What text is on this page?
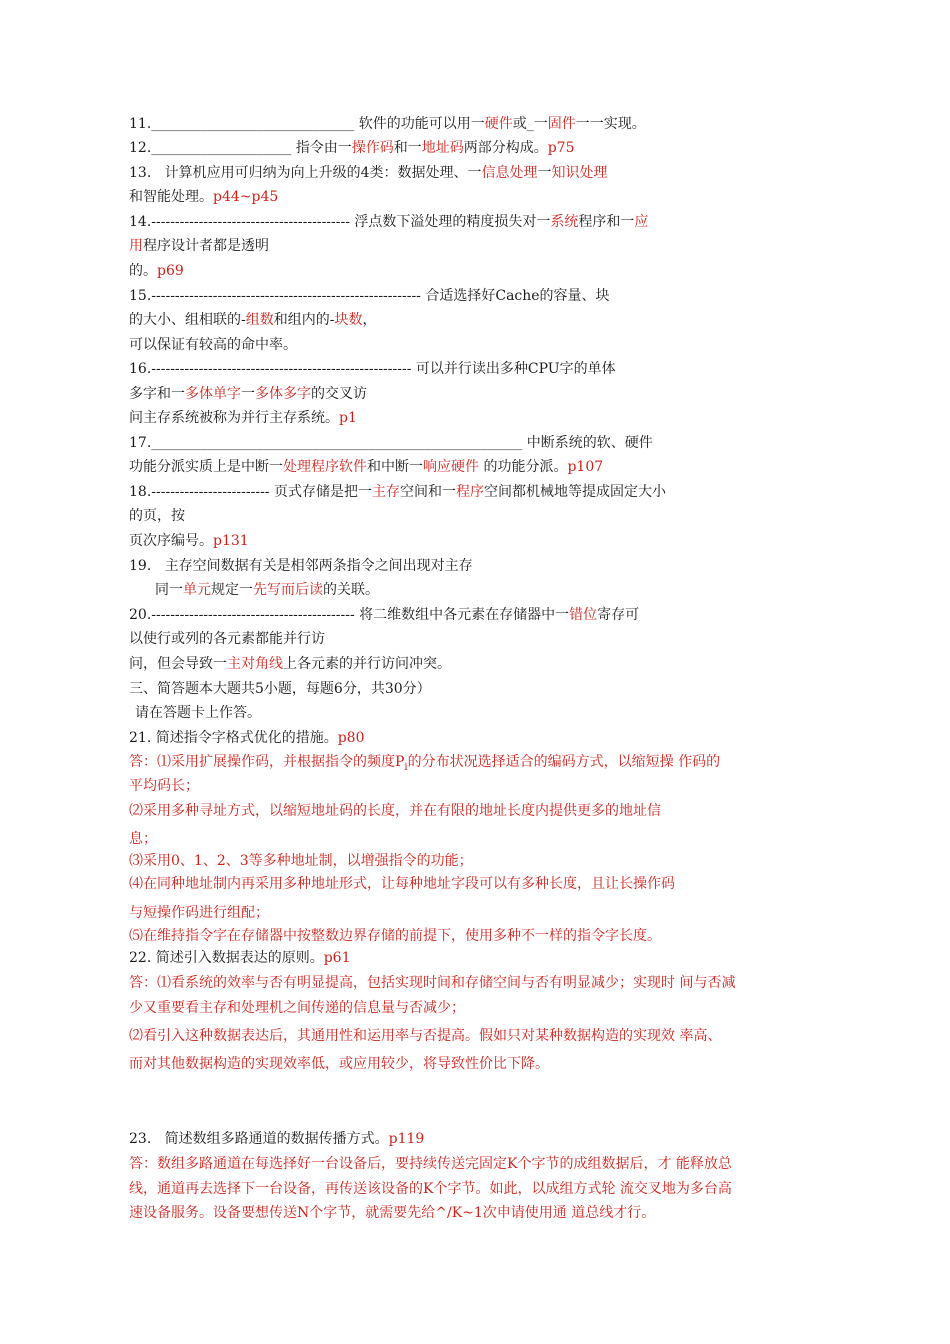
11._____________________________ 软件的功能可以用一硬件或_一固件一一实现。
12.____________________ 指令由一操作码和一地址码两部分构成。p75
13. 计算机应用可归纳为向上升级的4类：数据处理、一信息处理一知识处理
和智能处理。p44~p45
14.------------------------------------------ 浮点数下溢处理的精度损失对一系统程序和一应
用程序设计者都是透明
的。p69
15.--------------------------------------------------------- 合适选择好Cache的容量、块
的大小、组相联的-组数和组内的-块数，
可以保证有较高的命中率。
16.------------------------------------------------------- 可以并行读出多种CPU字的单体
多字和一多体单字一多体多字的交叉访
问主存系统被称为并行主存系统。p1
17._____________________________________________________ 中断系统的软、硬件
功能分派实质上是中断一处理程序软件和中断一响应硬件 的功能分派。p107
18.------------------------- 页式存储是把一主存空间和一程序空间都机械地等提成固定大小
的页，按
页次序编号。p131
19. 主存空间数据有关是相邻两条指令之间出现对主存
同一单元规定一先写而后读的关联。
20.------------------------------------------- 将二维数组中各元素在存储器中一错位寄存可
以使行或列的各元素都能并行访
问，但会导致一主对角线上各元素的并行访问冲突。
三、简答题本大题共5小题，每题6分，共30分）
请在答题卡上作答。
21. 简述指令字格式优化的措施。p80
答：⑴采用扩展操作码，并根据指令的频度$P_i$的分布状况选择适合的编码方式，以缩短操 作码的
平均码长；
⑵采用多种寻址方式，以缩短地址码的长度，并在有限的地址长度内提供更多的地址信
息；
⑶采用0、1、2、3等多种地址制，以增强指令的功能；
⑷在同种地址制内再采用多种地址形式，让每种地址字段可以有多种长度，且让长操作码
与短操作码进行组配；
⑸在维持指令字在存储器中按整数边界存储的前提下，使用多种不一样的指令字长度。
22. 简述引入数据表达的原则。p61
答：⑴看系统的效率与否有明显提高，包括实现时间和存储空间与否有明显减少；实现时 间与否减
少又重要看主存和处理机之间传递的信息量与否减少；
⑵看引入这种数据表达后，其通用性和运用率与否提高。假如只对某种数据构造的实现效 率高、
而对其他数据构造的实现效率低，或应用较少，将导致性价比下降。
23.   简述数组多路通道的数据传播方式。p119
答：数组多路通道在每选择好一台设备后，要持续传送完固定K个字节的成组数据后，才 能释放总
线，通道再去选择下一台设备，再传送该设备的K个字节。如此，以成组方式轮 流交叉地为多台高
速设备服务。设备要想传送N个字节，就需要先给^/K~1次申请使用通 道总线才行。
